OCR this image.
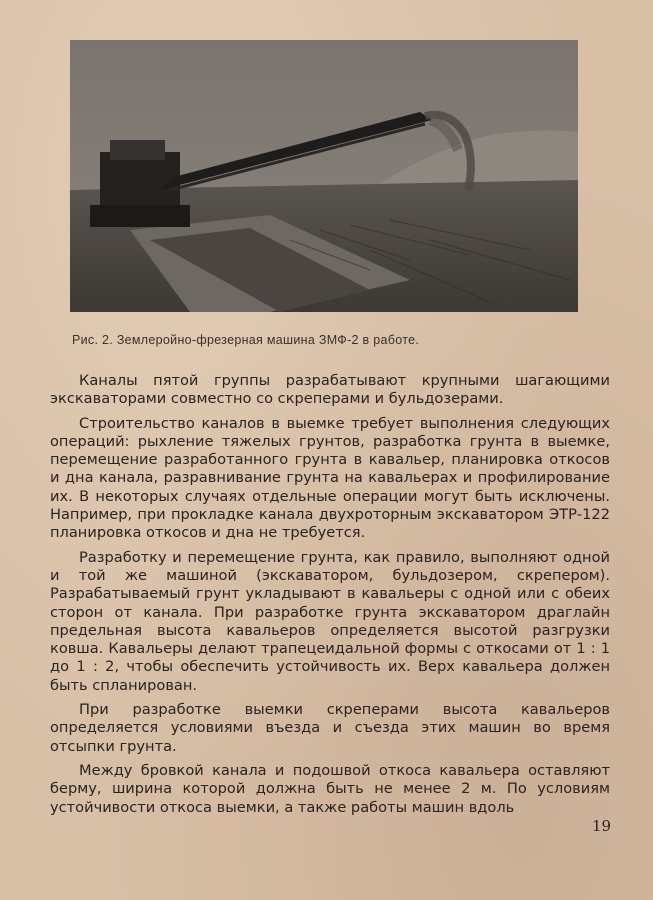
Рис. 2. Землеройно-фрезерная машина ЗМФ-2 в работе.

Каналы пятой группы разрабатывают крупными шагающими экскаваторами совместно со скреперами и бульдозерами.

Строительство каналов в выемке требует выполнения следующих операций: рыхление тяжелых грунтов, разработка грунта в выемке, перемещение разработанного грунта в кавальер, планировка откосов и дна канала, разравнивание грунта на кавальерах и профилирование их. В некоторых случаях отдельные операции могут быть исключены. Например, при прокладке канала двухроторным экскаватором ЭТР-122 планировка откосов и дна не требуется.

Разработку и перемещение грунта, как правило, выполняют одной и той же машиной (экскаватором, бульдозером, скрепером). Разрабатываемый грунт укладывают в кавальеры с одной или с обеих сторон от канала. При разработке грунта экскаватором драглайн предельная высота кавальеров определяется высотой разгрузки ковша. Кавальеры делают трапецеидальной формы с откосами от 1 : 1 до 1 : 2, чтобы обеспечить устойчивость их. Верх кавальера должен быть спланирован.

При разработке выемки скреперами высота кавальеров определяется условиями въезда и съезда этих машин во время отсыпки грунта.

Между бровкой канала и подошвой откоса кавальера оставляют берму, ширина которой должна быть не менее 2 м. По условиям устойчивости откоса выемки, а также работы машин вдоль

19
